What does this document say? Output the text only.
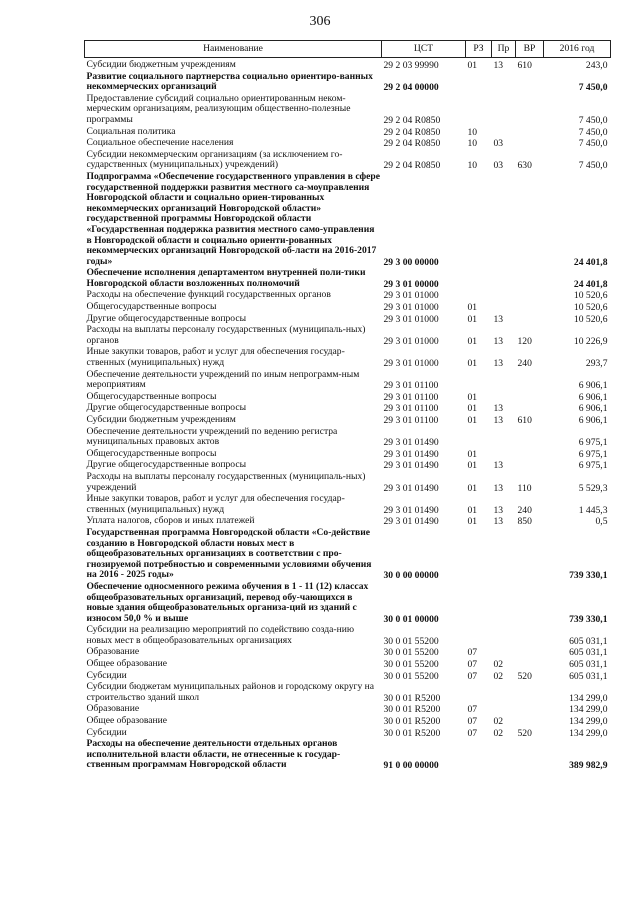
306
Наименование	ЦСТ	РЗ	Пр	ВР	2016 год
Субсидии бюджетным учреждениям	29 2 03 99990	01	13	610	243,0
Развитие социального партнерства социально ориентиро-ванных некоммерческих организаций	29 2 04 00000				7 450,0
Предоставление субсидий социально ориентированным неком-мерческим организациям, реализующим общественно-полезные программы	29 2 04 R0850				7 450,0
Социальная политика	29 2 04 R0850	10			7 450,0
Социальное обеспечение населения	29 2 04 R0850	10	03		7 450,0
Субсидии некоммерческим организациям (за исключением го-сударственных (муниципальных) учреждений)	29 2 04 R0850	10	03	630	7 450,0
Подпрограмма «Обеспечение государственного управления в сфере государственной поддержки развития местного са-моуправления Новгородской области и социально ориен-тированных некоммерческих организаций Новгородской области» государственной программы Новгородской области «Государственная поддержка развития местного само-управления в Новгородской области и социально ориенти-рованных некоммерческих организаций Новгородской об-ласти на 2016-2017 годы»	29 3 00 00000				24 401,8
Обеспечение исполнения департаментом внутренней поли-тики Новгородской области возложенных полномочий	29 3 01 00000				24 401,8
Расходы на обеспечение функций государственных органов	29 3 01 01000				10 520,6
Общегосударственные вопросы	29 3 01 01000	01			10 520,6
Другие общегосударственные вопросы	29 3 01 01000	01	13		10 520,6
Расходы на выплаты персоналу государственных (муниципаль-ных) органов	29 3 01 01000	01	13	120	10 226,9
Иные закупки товаров, работ и услуг для обеспечения государ-ственных (муниципальных) нужд	29 3 01 01000	01	13	240	293,7
Обеспечение деятельности учреждений по иным непрограмм-ным мероприятиям	29 3 01 01100				6 906,1
Общегосударственные вопросы	29 3 01 01100	01			6 906,1
Другие общегосударственные вопросы	29 3 01 01100	01	13		6 906,1
Субсидии бюджетным учреждениям	29 3 01 01100	01	13	610	6 906,1
Обеспечение деятельности учреждений по ведению регистра муниципальных правовых актов	29 3 01 01490				6 975,1
Общегосударственные вопросы	29 3 01 01490	01			6 975,1
Другие общегосударственные вопросы	29 3 01 01490	01	13		6 975,1
Расходы на выплаты персоналу государственных (муниципаль-ных) учреждений	29 3 01 01490	01	13	110	5 529,3
Иные закупки товаров, работ и услуг для обеспечения государ-ственных (муниципальных) нужд	29 3 01 01490	01	13	240	1 445,3
Уплата налогов, сборов и иных платежей	29 3 01 01490	01	13	850	0,5
Государственная программа Новгородской области «Со-действие созданию в Новгородской области новых мест в общеобразовательных организациях в соответствии с про-гнозируемой потребностью и современными условиями обучения на 2016 - 2025 годы»	30 0 00 00000				739 330,1
Обеспечение односменного режима обучения в 1 - 11 (12) классах общеобразовательных организаций, перевод обу-чающихся в новые здания общеобразовательных организа-ций из зданий с износом 50,0 % и выше	30 0 01 00000				739 330,1
Субсидии на реализацию мероприятий по содействию созда-нию новых мест в общеобразовательных организациях	30 0 01 55200				605 031,1
Образование	30 0 01 55200	07			605 031,1
Общее образование	30 0 01 55200	07	02		605 031,1
Субсидии	30 0 01 55200	07	02	520	605 031,1
Субсидии бюджетам муниципальных районов и городскому округу на строительство зданий школ	30 0 01 R5200				134 299,0
Образование	30 0 01 R5200	07			134 299,0
Общее образование	30 0 01 R5200	07	02		134 299,0
Субсидии	30 0 01 R5200	07	02	520	134 299,0
Расходы на обеспечение деятельности отдельных органов исполнительной власти области, не отнесенные к государ-ственным программам Новгородской области	91 0 00 00000				389 982,9
